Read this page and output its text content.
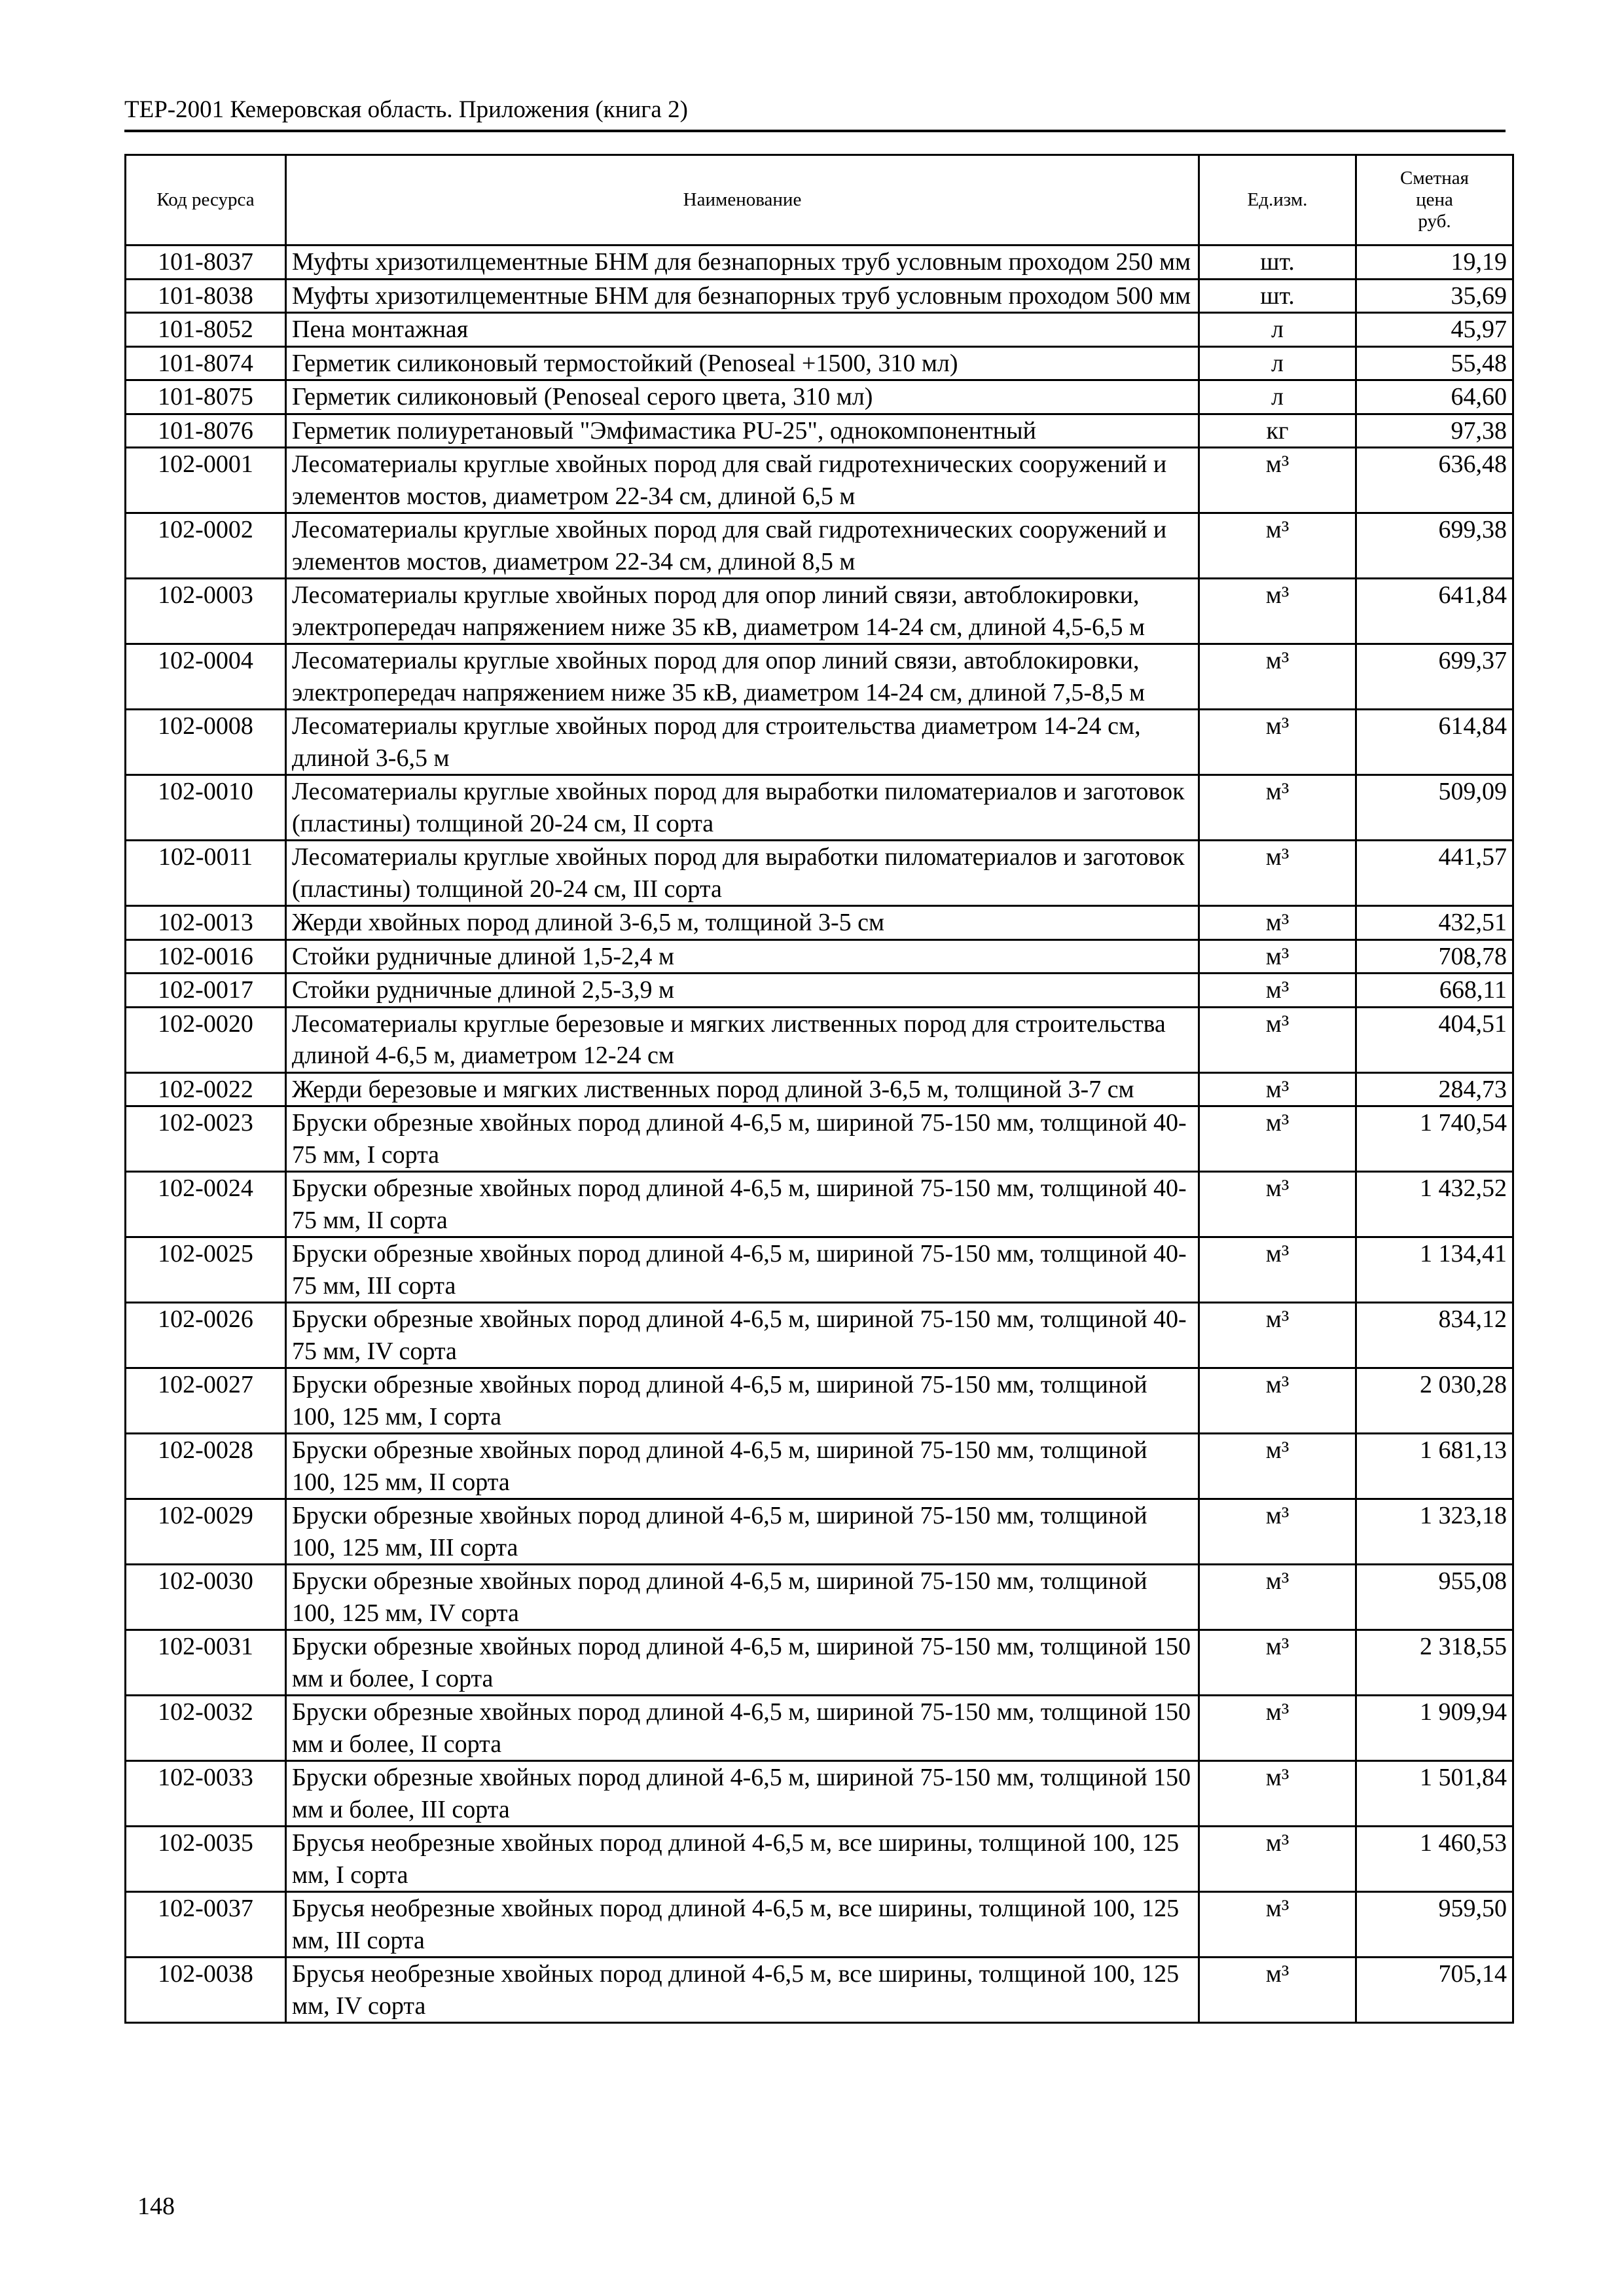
ТЕР-2001 Кемеровская область. Приложения (книга 2)
Код ресурса	Наименование	Ед.изм.	Сметная
цена
руб.

101-8037	Муфты хризотилцементные БНМ для безнапорных труб условным проходом 250 мм	шт.	19,19
101-8038	Муфты хризотилцементные БНМ для безнапорных труб условным проходом 500 мм	шт.	35,69
101-8052	Пена монтажная	л	45,97
101-8074	Герметик силиконовый термостойкий (Penoseal +1500, 310 мл)	л	55,48
101-8075	Герметик силиконовый (Penoseal серого цвета, 310 мл)	л	64,60
101-8076	Герметик полиуретановый "Эмфимастика PU-25", однокомпонентный	кг	97,38
102-0001	Лесоматериалы круглые хвойных пород для свай гидротехнических сооружений и элементов мостов, диаметром 22-34 см, длиной 6,5 м	м³	636,48
102-0002	Лесоматериалы круглые хвойных пород для свай гидротехнических сооружений и элементов мостов, диаметром 22-34 см, длиной 8,5 м	м³	699,38
102-0003	Лесоматериалы круглые хвойных пород для опор линий связи, автоблокировки, электропередач напряжением ниже 35 кВ, диаметром 14-24 см, длиной 4,5-6,5 м	м³	641,84
102-0004	Лесоматериалы круглые хвойных пород для опор линий связи, автоблокировки, электропередач напряжением ниже 35 кВ, диаметром 14-24 см, длиной 7,5-8,5 м	м³	699,37
102-0008	Лесоматериалы круглые хвойных пород для строительства диаметром 14-24 см, длиной 3-6,5 м	м³	614,84
102-0010	Лесоматериалы круглые хвойных пород для выработки пиломатериалов и заготовок (пластины) толщиной 20-24 см, II сорта	м³	509,09
102-0011	Лесоматериалы круглые хвойных пород для выработки пиломатериалов и заготовок (пластины) толщиной 20-24 см, III сорта	м³	441,57
102-0013	Жерди хвойных пород длиной 3-6,5 м, толщиной 3-5 см	м³	432,51
102-0016	Стойки рудничные длиной 1,5-2,4 м	м³	708,78
102-0017	Стойки рудничные длиной 2,5-3,9 м	м³	668,11
102-0020	Лесоматериалы круглые березовые и мягких лиственных пород для строительства длиной 4-6,5 м, диаметром 12-24 см	м³	404,51
102-0022	Жерди березовые и мягких лиственных пород длиной 3-6,5 м, толщиной 3-7 см	м³	284,73
102-0023	Бруски обрезные хвойных пород длиной 4-6,5 м, шириной 75-150 мм, толщиной 40-75 мм, I сорта	м³	1 740,54
102-0024	Бруски обрезные хвойных пород длиной 4-6,5 м, шириной 75-150 мм, толщиной 40-75 мм, II сорта	м³	1 432,52
102-0025	Бруски обрезные хвойных пород длиной 4-6,5 м, шириной 75-150 мм, толщиной 40-75 мм, III сорта	м³	1 134,41
102-0026	Бруски обрезные хвойных пород длиной 4-6,5 м, шириной 75-150 мм, толщиной 40-75 мм, IV сорта	м³	834,12
102-0027	Бруски обрезные хвойных пород длиной 4-6,5 м, шириной 75-150 мм, толщиной 100, 125 мм, I сорта	м³	2 030,28
102-0028	Бруски обрезные хвойных пород длиной 4-6,5 м, шириной 75-150 мм, толщиной 100, 125 мм, II сорта	м³	1 681,13
102-0029	Бруски обрезные хвойных пород длиной 4-6,5 м, шириной 75-150 мм, толщиной 100, 125 мм, III сорта	м³	1 323,18
102-0030	Бруски обрезные хвойных пород длиной 4-6,5 м, шириной 75-150 мм, толщиной 100, 125 мм, IV сорта	м³	955,08
102-0031	Бруски обрезные хвойных пород длиной 4-6,5 м, шириной 75-150 мм, толщиной 150 мм и более, I сорта	м³	2 318,55
102-0032	Бруски обрезные хвойных пород длиной 4-6,5 м, шириной 75-150 мм, толщиной 150 мм и более, II сорта	м³	1 909,94
102-0033	Бруски обрезные хвойных пород длиной 4-6,5 м, шириной 75-150 мм, толщиной 150 мм и более, III сорта	м³	1 501,84
102-0035	Брусья необрезные хвойных пород длиной 4-6,5 м, все ширины, толщиной 100, 125 мм, I сорта	м³	1 460,53
102-0037	Брусья необрезные хвойных пород длиной 4-6,5 м, все ширины, толщиной 100, 125 мм, III сорта	м³	959,50
102-0038	Брусья необрезные хвойных пород длиной 4-6,5 м, все ширины, толщиной 100, 125 мм, IV сорта	м³	705,14
148
